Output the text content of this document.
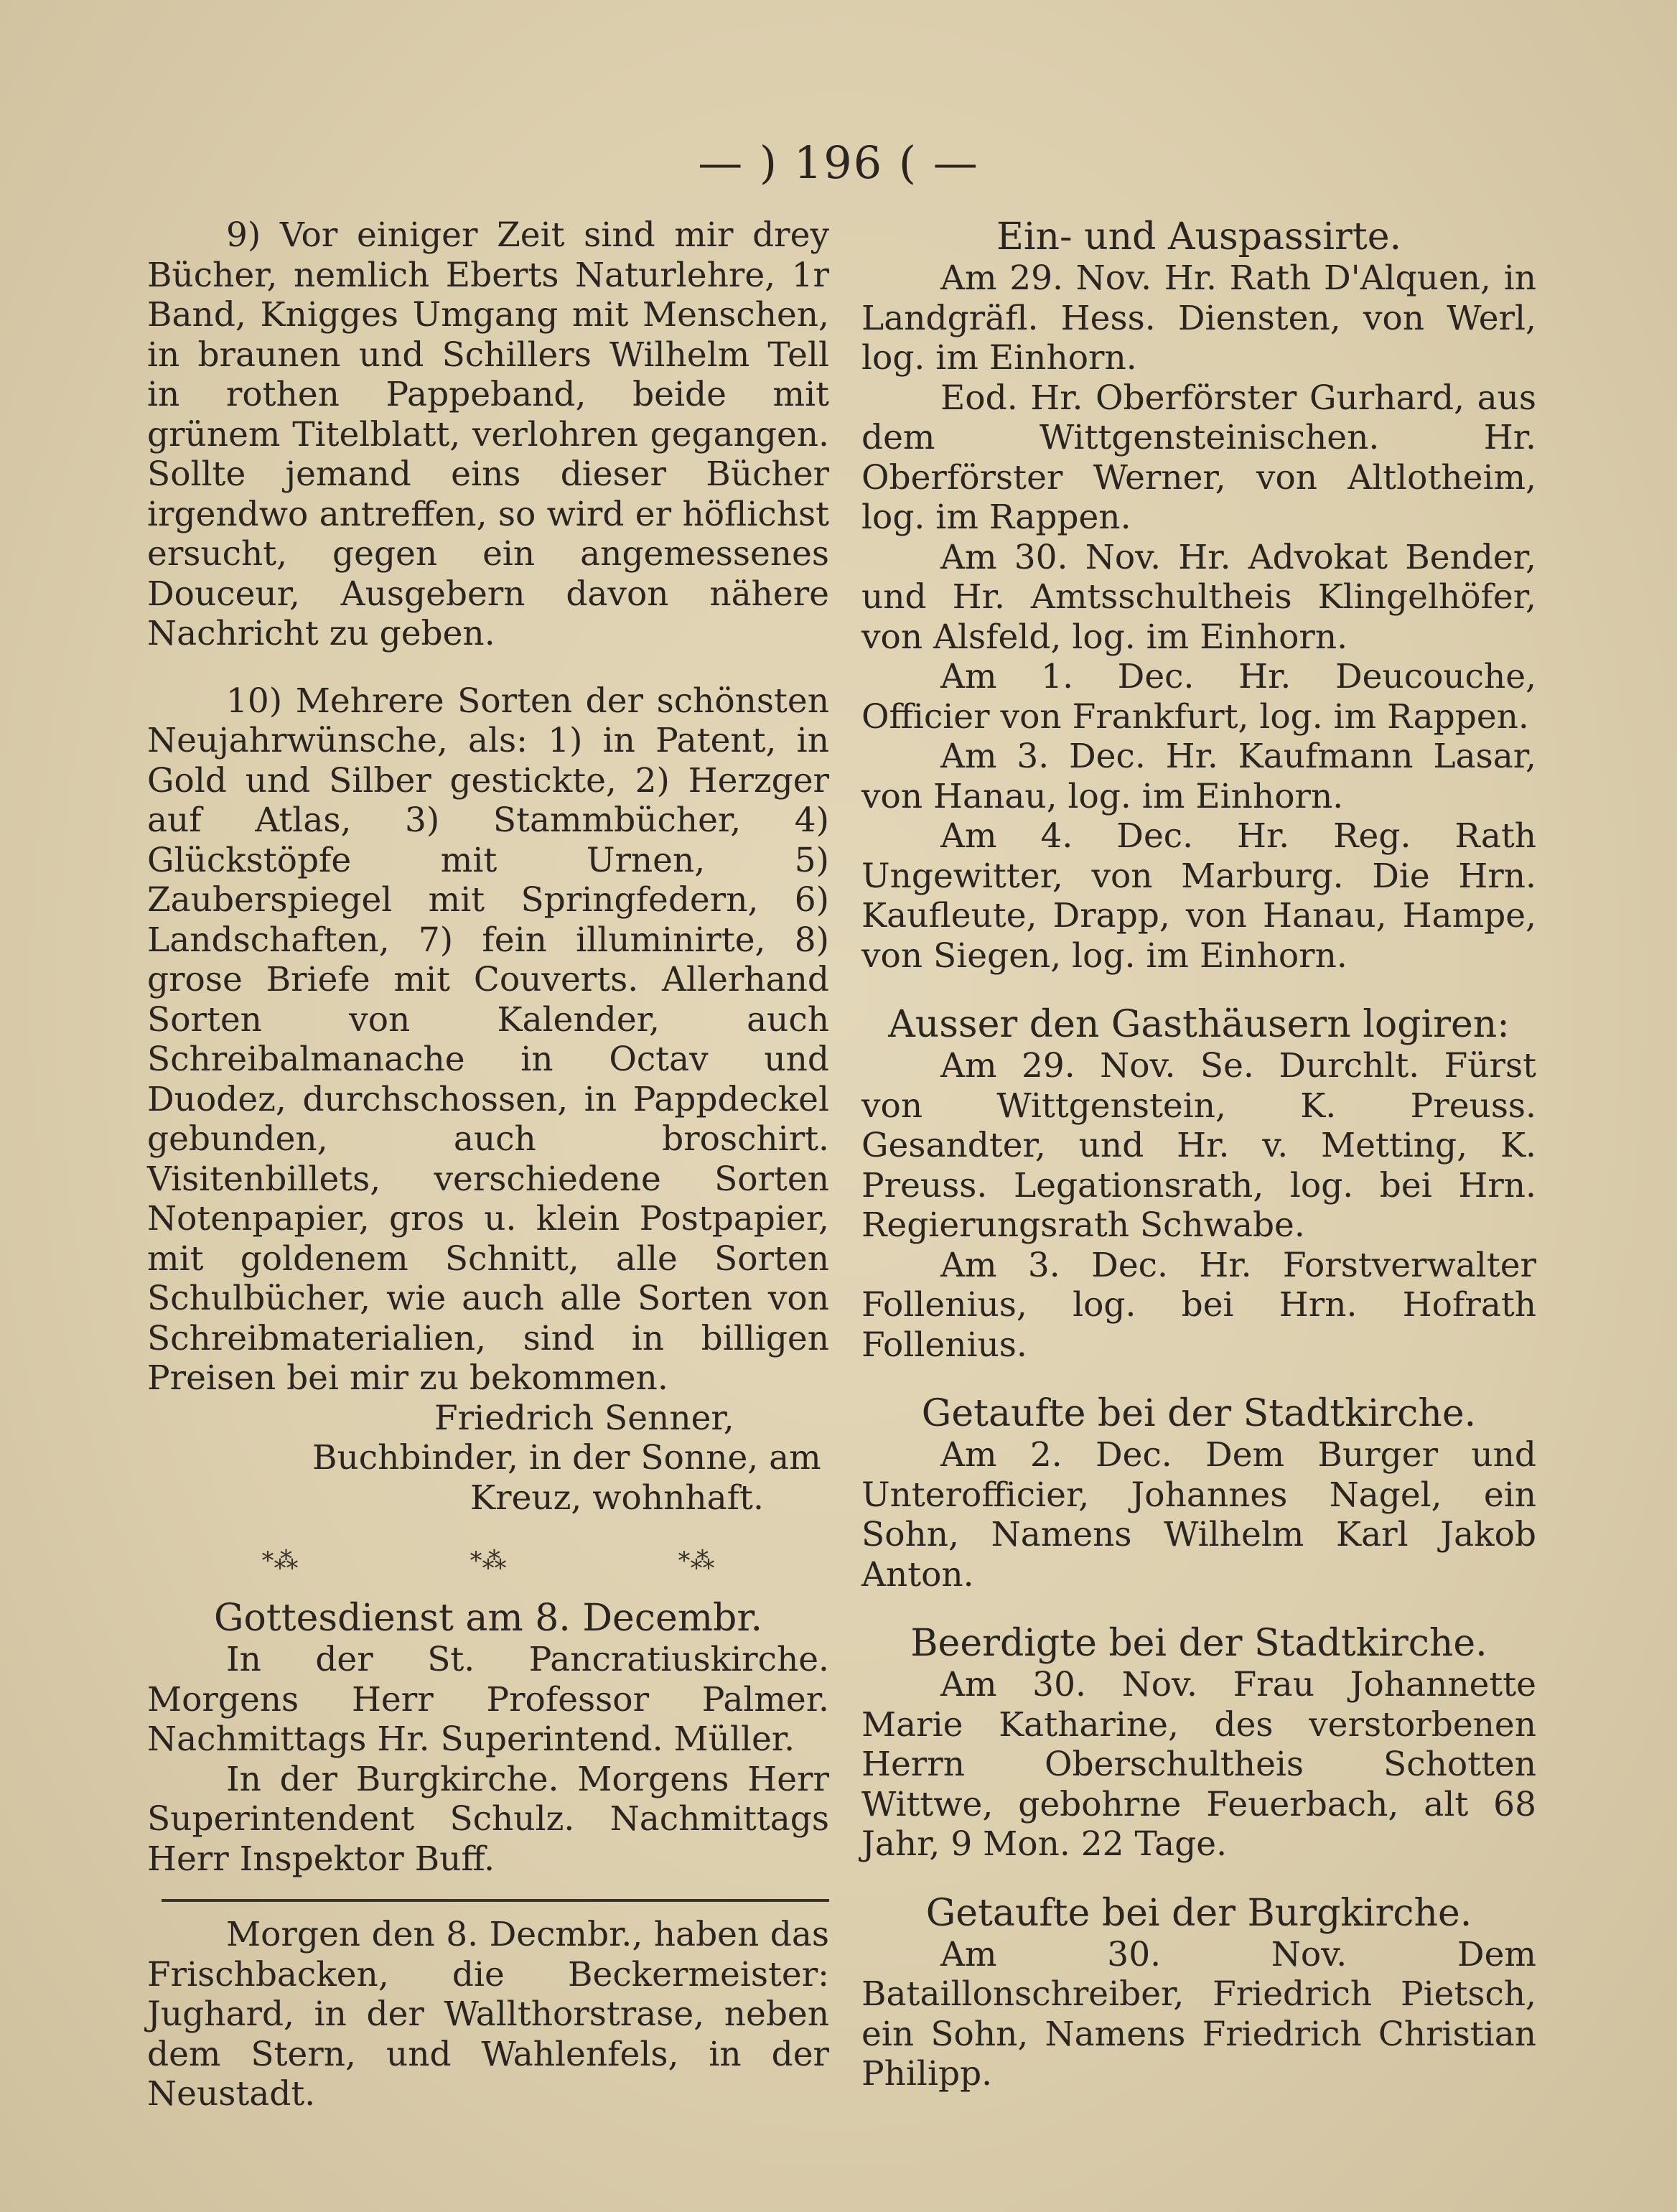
— ) 196 ( —

9) Vor einiger Zeit sind mir drey Bücher, nemlich Eberts Naturlehre, 1r Band, Knigges Umgang mit Menschen, in braunen und Schillers Wilhelm Tell in rothen Pappeband, beide mit grünem Titelblatt, verlohren gegangen. Sollte jemand eins dieser Bücher irgendwo antreffen, so wird er höflichst ersucht, gegen ein angemessenes Douceur, Ausgebern davon nähere Nachricht zu geben.

10) Mehrere Sorten der schönsten Neujahrwünsche, als: 1) in Patent, in Gold und Silber gestickte, 2) Herzger auf Atlas, 3) Stammbücher, 4) Glückstöpfe mit Urnen, 5) Zauberspiegel mit Springfedern, 6) Landschaften, 7) fein illuminirte, 8) grose Briefe mit Couverts. Allerhand Sorten von Kalender, auch Schreibalmanache in Octav und Duodez, durchschossen, in Pappdeckel gebunden, auch broschirt. Visitenbillets, verschiedene Sorten Notenpapier, gros u. klein Postpapier, mit goldenem Schnitt, alle Sorten Schulbücher, wie auch alle Sorten von Schreibmaterialien, sind in billigen Preisen bei mir zu bekommen.

Friedrich Senner,
Buchbinder, in der Sonne, am
Kreuz, wohnhaft.
*⁂	*⁂	*⁂
Gottesdienst am 8. Decembr.

In der St. Pancratiuskirche. Morgens Herr Professor Palmer. Nachmittags Hr. Superintend. Müller.

In der Burgkirche. Morgens Herr Superintendent Schulz. Nachmittags Herr Inspektor Buff.

Morgen den 8. Decmbr., haben das Frischbacken, die Beckermeister: Jughard, in der Wallthorstrase, neben dem Stern, und Wahlenfels, in der Neustadt.

Ein- und Auspassirte.

Am 29. Nov. Hr. Rath D'Alquen, in Landgräfl. Hess. Diensten, von Werl, log. im Einhorn.

Eod. Hr. Oberförster Gurhard, aus dem Wittgensteinischen. Hr. Oberförster Werner, von Altlotheim, log. im Rappen.

Am 30. Nov. Hr. Advokat Bender, und Hr. Amtsschultheis Klingelhöfer, von Alsfeld, log. im Einhorn.

Am 1. Dec. Hr. Deucouche, Officier von Frankfurt, log. im Rappen.

Am 3. Dec. Hr. Kaufmann Lasar, von Hanau, log. im Einhorn.

Am 4. Dec. Hr. Reg. Rath Ungewitter, von Marburg. Die Hrn. Kaufleute, Drapp, von Hanau, Hampe, von Siegen, log. im Einhorn.

Ausser den Gasthäusern logiren:

Am 29. Nov. Se. Durchlt. Fürst von Wittgenstein, K. Preuss. Gesandter, und Hr. v. Metting, K. Preuss. Legationsrath, log. bei Hrn. Regierungsrath Schwabe.

Am 3. Dec. Hr. Forstverwalter Follenius, log. bei Hrn. Hofrath Follenius.

Getaufte bei der Stadtkirche.

Am 2. Dec. Dem Burger und Unterofficier, Johannes Nagel, ein Sohn, Namens Wilhelm Karl Jakob Anton.

Beerdigte bei der Stadtkirche.

Am 30. Nov. Frau Johannette Marie Katharine, des verstorbenen Herrn Oberschultheis Schotten Wittwe, gebohrne Feuerbach, alt 68 Jahr, 9 Mon. 22 Tage.

Getaufte bei der Burgkirche.

Am 30. Nov. Dem Bataillonschreiber, Friedrich Pietsch, ein Sohn, Namens Friedrich Christian Philipp.
